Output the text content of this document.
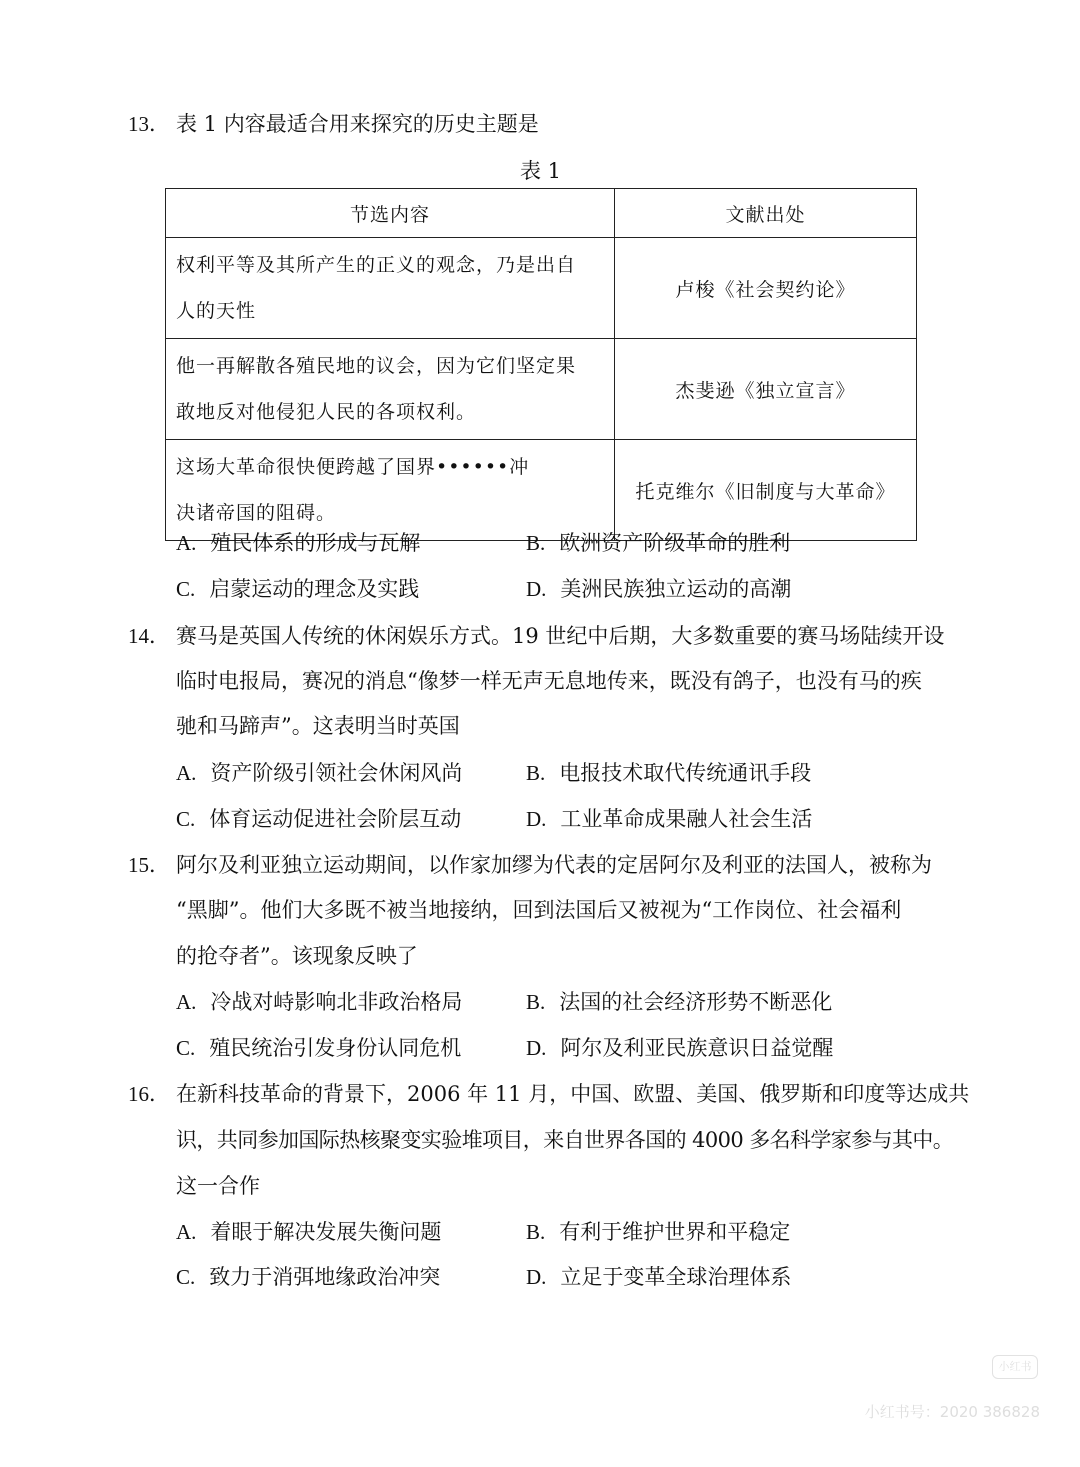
13． 表 1 内容最适合用来探究的历史主题是
表 1
节选内容	文献出处

权利平等及其所产生的正义的观念，乃是出自
人的天性	卢梭《社会契约论》

他一再解散各殖民地的议会，因为它们坚定果
敢地反对他侵犯人民的各项权利。	杰斐逊《独立宣言》

这场大革命很快便跨越了国界••••••冲
决诸帝国的阻碍。	托克维尔《旧制度与大革命》
A. 殖民体系的形成与瓦解	B. 欧洲资产阶级革命的胜利
C. 启蒙运动的理念及实践	D. 美洲民族独立运动的高潮
14． 赛马是英国人传统的休闲娱乐方式。19 世纪中后期，大多数重要的赛马场陆续开设
临时电报局，赛况的消息“像梦一样无声无息地传来，既没有鸽子，也没有马的疾
驰和马蹄声”。这表明当时英国
A. 资产阶级引领社会休闲风尚	B. 电报技术取代传统通讯手段
C. 体育运动促进社会阶层互动	D. 工业革命成果融人社会生活
15． 阿尔及利亚独立运动期间，以作家加缪为代表的定居阿尔及利亚的法国人，被称为
“黑脚”。他们大多既不被当地接纳，回到法国后又被视为“工作岗位、社会福利
的抢夺者”。该现象反映了
A. 冷战对峙影响北非政治格局	B. 法国的社会经济形势不断恶化
C. 殖民统治引发身份认同危机	D. 阿尔及利亚民族意识日益觉醒
16． 在新科技革命的背景下，2006 年 11 月，中国、欧盟、美国、俄罗斯和印度等达成共
识，共同参加国际热核聚变实验堆项目，来自世界各国的 4000 多名科学家参与其中。
这一合作
A. 着眼于解决发展失衡问题	B. 有利于维护世界和平稳定
C. 致力于消弭地缘政治冲突	D. 立足于变革全球治理体系
小红书
小红书号：2020 386828
